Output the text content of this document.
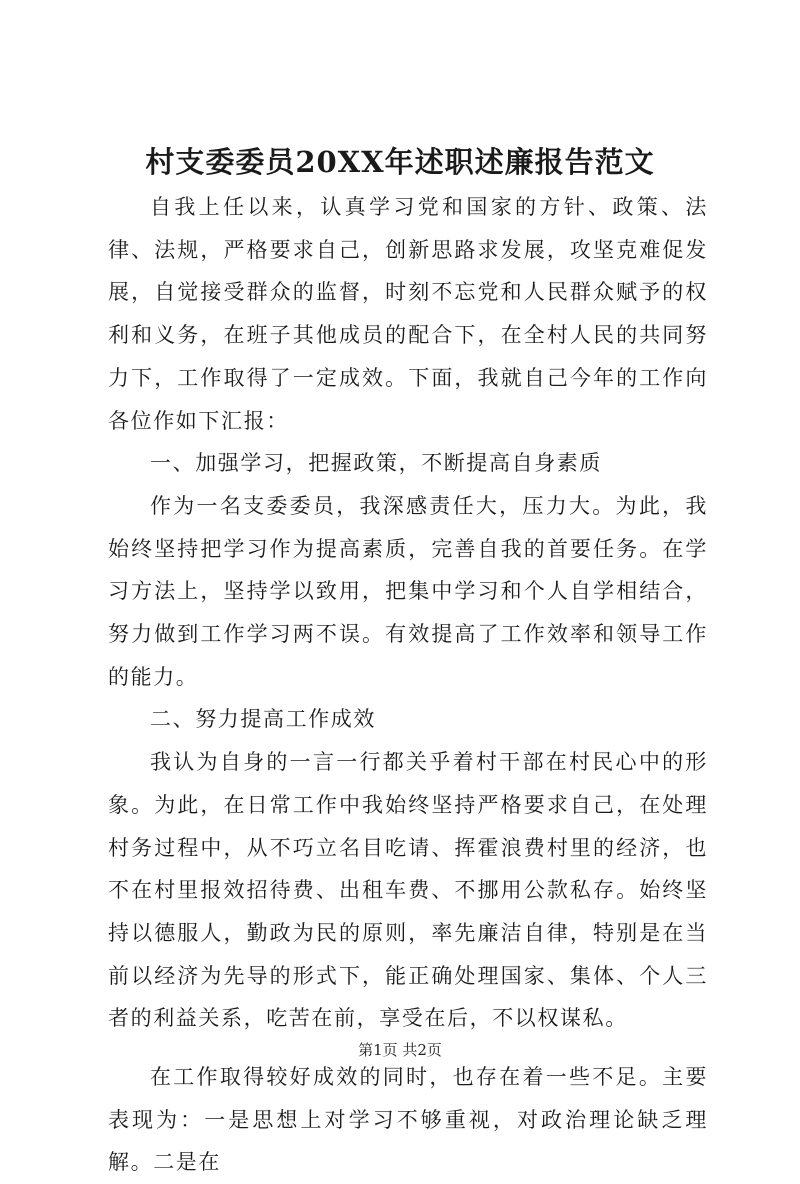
村支委委员20XX年述职述廉报告范文

自我上任以来，认真学习党和国家的方针、政策、法律、法规，严格要求自己，创新思路求发展，攻坚克难促发展，自觉接受群众的监督，时刻不忘党和人民群众赋予的权利和义务，在班子其他成员的配合下，在全村人民的共同努力下，工作取得了一定成效。下面，我就自己今年的工作向各位作如下汇报：

一、加强学习，把握政策，不断提高自身素质

作为一名支委委员，我深感责任大，压力大。为此，我始终坚持把学习作为提高素质，完善自我的首要任务。在学习方法上，坚持学以致用，把集中学习和个人自学相结合，努力做到工作学习两不误。有效提高了工作效率和领导工作的能力。

二、努力提高工作成效

我认为自身的一言一行都关乎着村干部在村民心中的形象。为此，在日常工作中我始终坚持严格要求自己，在处理村务过程中，从不巧立名目吃请、挥霍浪费村里的经济，也不在村里报效招待费、出租车费、不挪用公款私存。始终坚持以德服人，勤政为民的原则，率先廉洁自律，特别是在当前以经济为先导的形式下，能正确处理国家、集体、个人三者的利益关系，吃苦在前，享受在后，不以权谋私。

在工作取得较好成效的同时，也存在着一些不足。主要表现为：一是思想上对学习不够重视，对政治理论缺乏理解。二是在

第1页 共2页
